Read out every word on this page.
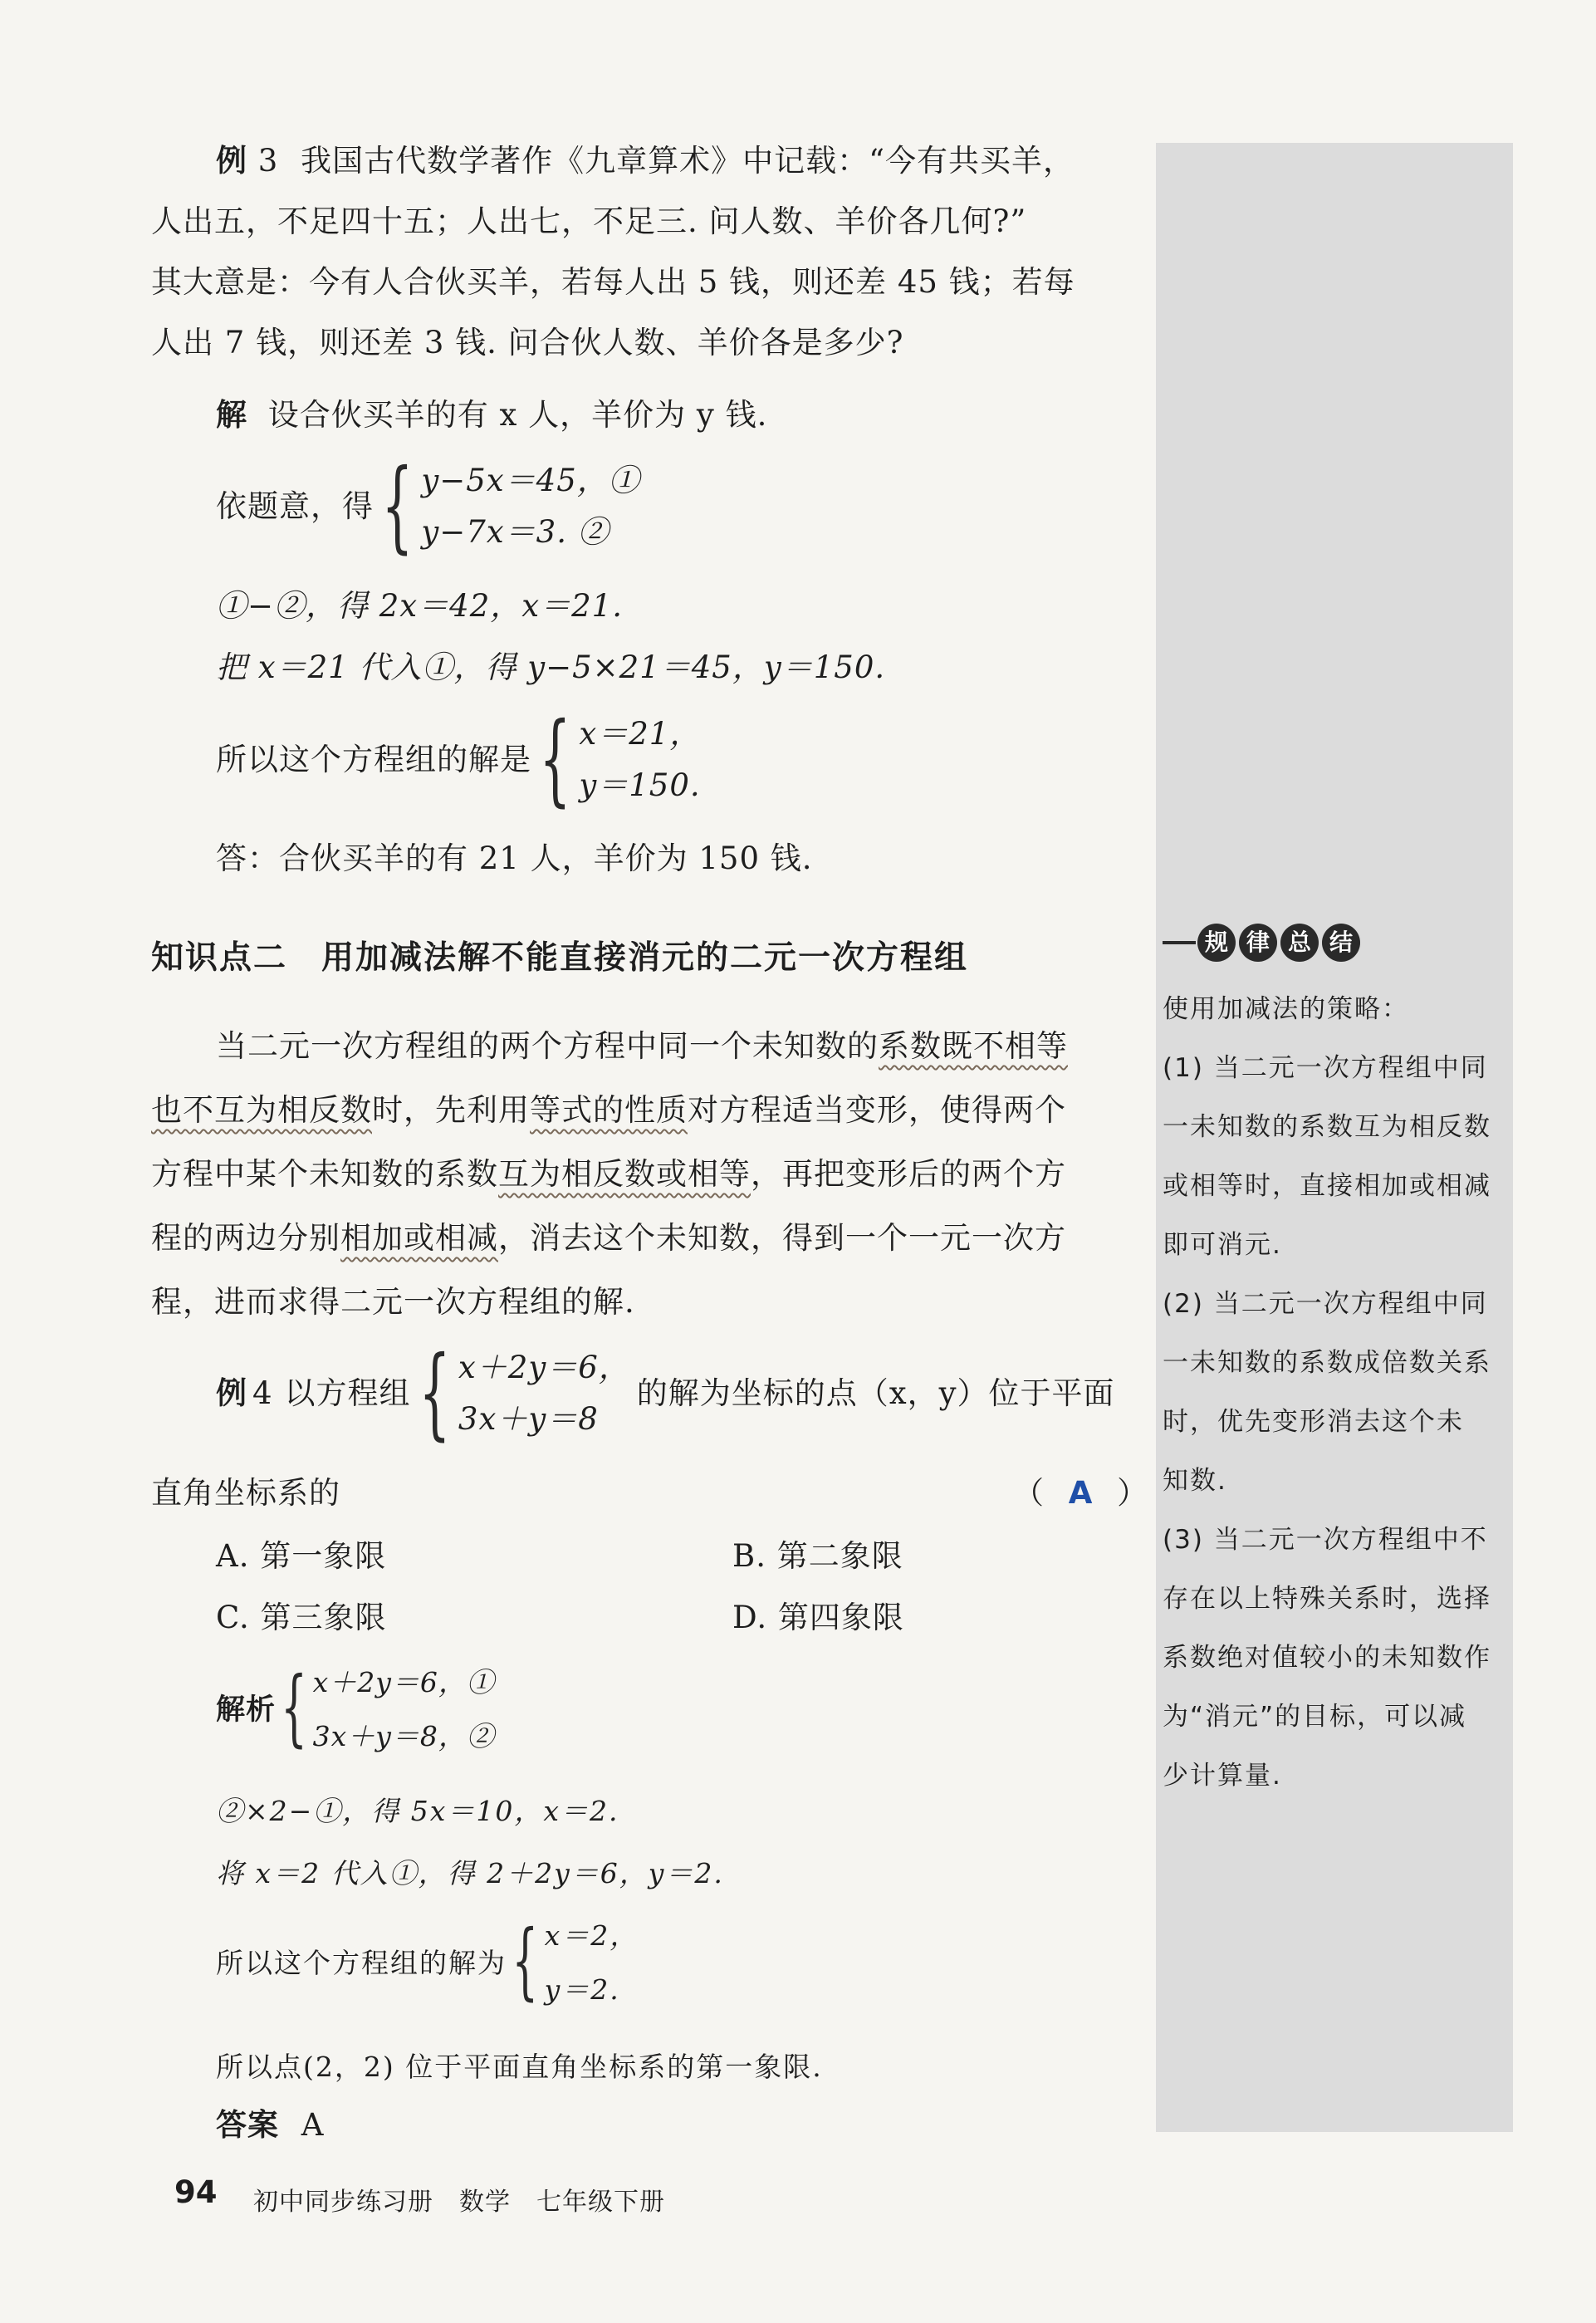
例 3 我国古代数学著作《九章算术》中记载：“今有共买羊，
人出五，不足四十五；人出七，不足三. 问人数、羊价各几何?”
其大意是：今有人合伙买羊，若每人出 5 钱，则还差 45 钱；若每
人出 7 钱，则还差 3 钱. 问合伙人数、羊价各是多少?
解 设合伙买羊的有 x 人，羊价为 y 钱.
依题意，得 { y−5x＝45，①
y−7x＝3. ②
①−②，得 2x＝42，x＝21.
把 x＝21 代入①，得 y−5×21＝45，y＝150.
所以这个方程组的解是 { x＝21，
y＝150.
答：合伙买羊的有 21 人，羊价为 150 钱.
知识点二　用加减法解不能直接消元的二元一次方程组
当二元一次方程组的两个方程中同一个未知数的系数既不相等
也不互为相反数时，先利用等式的性质对方程适当变形，使得两个
方程中某个未知数的系数互为相反数或相等，再把变形后的两个方
程的两边分别相加或相减，消去这个未知数，得到一个一元一次方
程，进而求得二元一次方程组的解.
例 4 以方程组 { x＋2y＝6，
3x＋y＝8
的解为坐标的点（x，y）位于平面
直角坐标系的	（ A ）
A. 第一象限	B. 第二象限
C. 第三象限	D. 第四象限
解析 { x＋2y＝6，①
3x＋y＝8，②
②×2−①，得 5x＝10，x＝2.
将 x＝2 代入①，得 2＋2y＝6，y＝2.
所以这个方程组的解为 { x＝2，
y＝2.
所以点(2，2) 位于平面直角坐标系的第一象限.
答案 A
规 律 总 结
使用加减法的策略：
(1) 当二元一次方程组中同
一未知数的系数互为相反数
或相等时，直接相加或相减
即可消元.
(2) 当二元一次方程组中同
一未知数的系数成倍数关系
时，优先变形消去这个未
知数.
(3) 当二元一次方程组中不
存在以上特殊关系时，选择
系数绝对值较小的未知数作
为“消元”的目标，可以减
少计算量.
94 初中同步练习册　数学　七年级下册
